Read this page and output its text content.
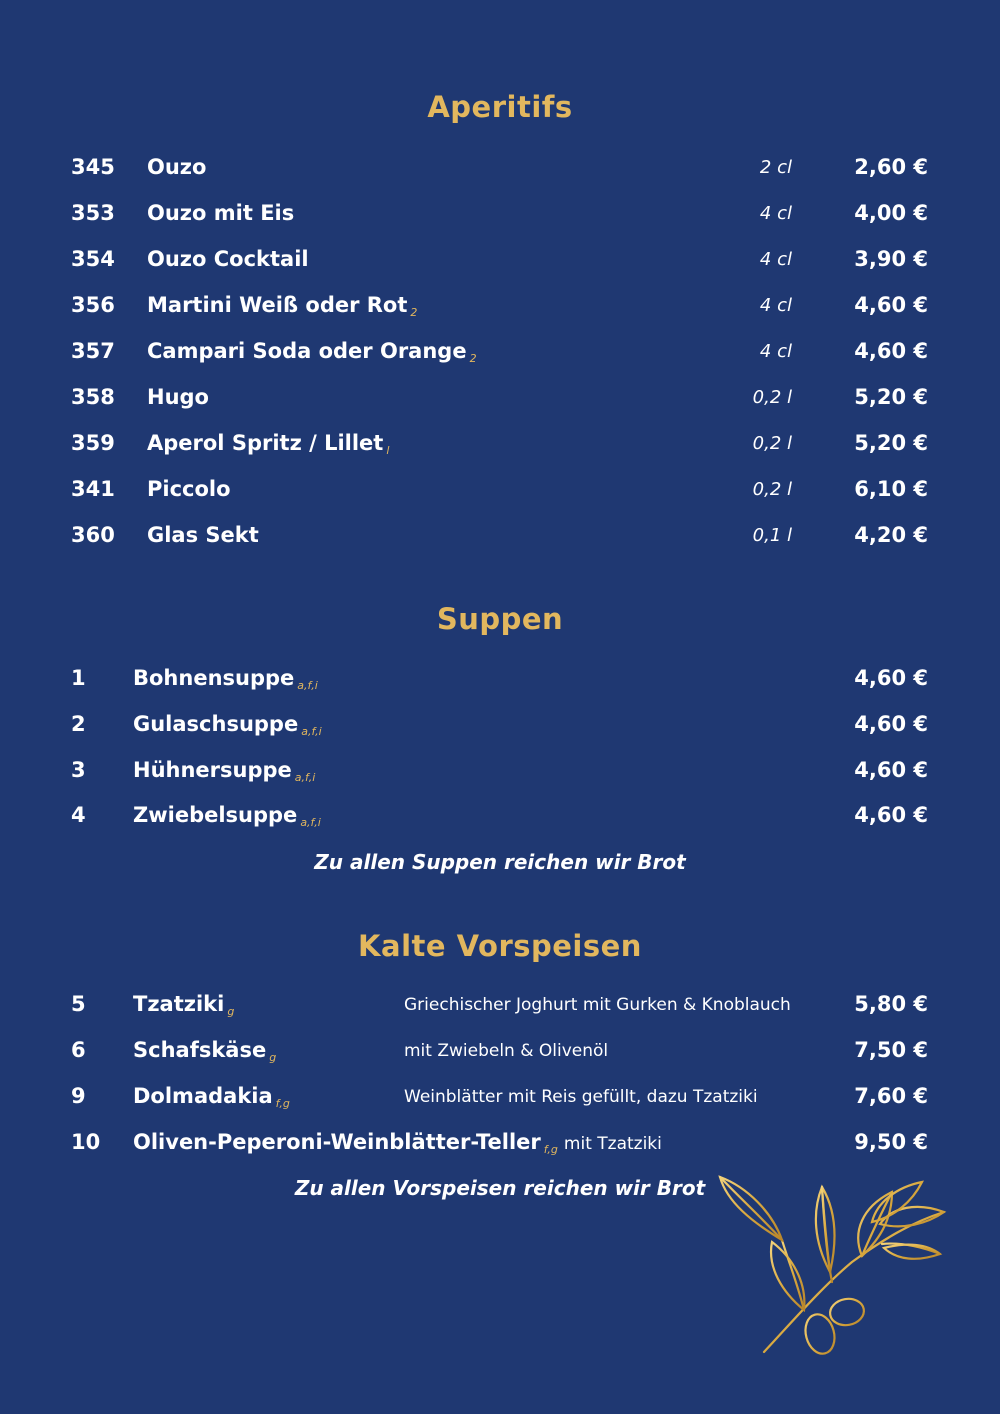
Aperitifs
345 Ouzo	2 cl	2,60 €
353 Ouzo mit Eis	4 cl	4,00 €
354 Ouzo Cocktail	4 cl	3,90 €
356 Martini Weiß oder Rot 2	4 cl	4,60 €
357 Campari Soda oder Orange 2	4 cl	4,60 €
358 Hugo	0,2 l	5,20 €
359 Aperol Spritz / Lillet l	0,2 l	5,20 €
341 Piccolo	0,2 l	6,10 €
360 Glas Sekt	0,1 l	4,20 €
Suppen
1 Bohnensuppe a,f,i	4,60 €
2 Gulaschsuppe a,f,i	4,60 €
3 Hühnersuppe a,f,i	4,60 €
4 Zwiebelsuppe a,f,i	4,60 €
Zu allen Suppen reichen wir Brot
Kalte Vorspeisen
5 Tzatziki g	Griechischer Joghurt mit Gurken & Knoblauch	5,80 €
6 Schafskäse g	mit Zwiebeln & Olivenöl	7,50 €
9 Dolmadakia f,g	Weinblätter mit Reis gefüllt, dazu Tzatziki	7,60 €
10 Oliven-Peperoni-Weinblätter-Teller f,g mit Tzatziki	9,50 €
Zu allen Vorspeisen reichen wir Brot
